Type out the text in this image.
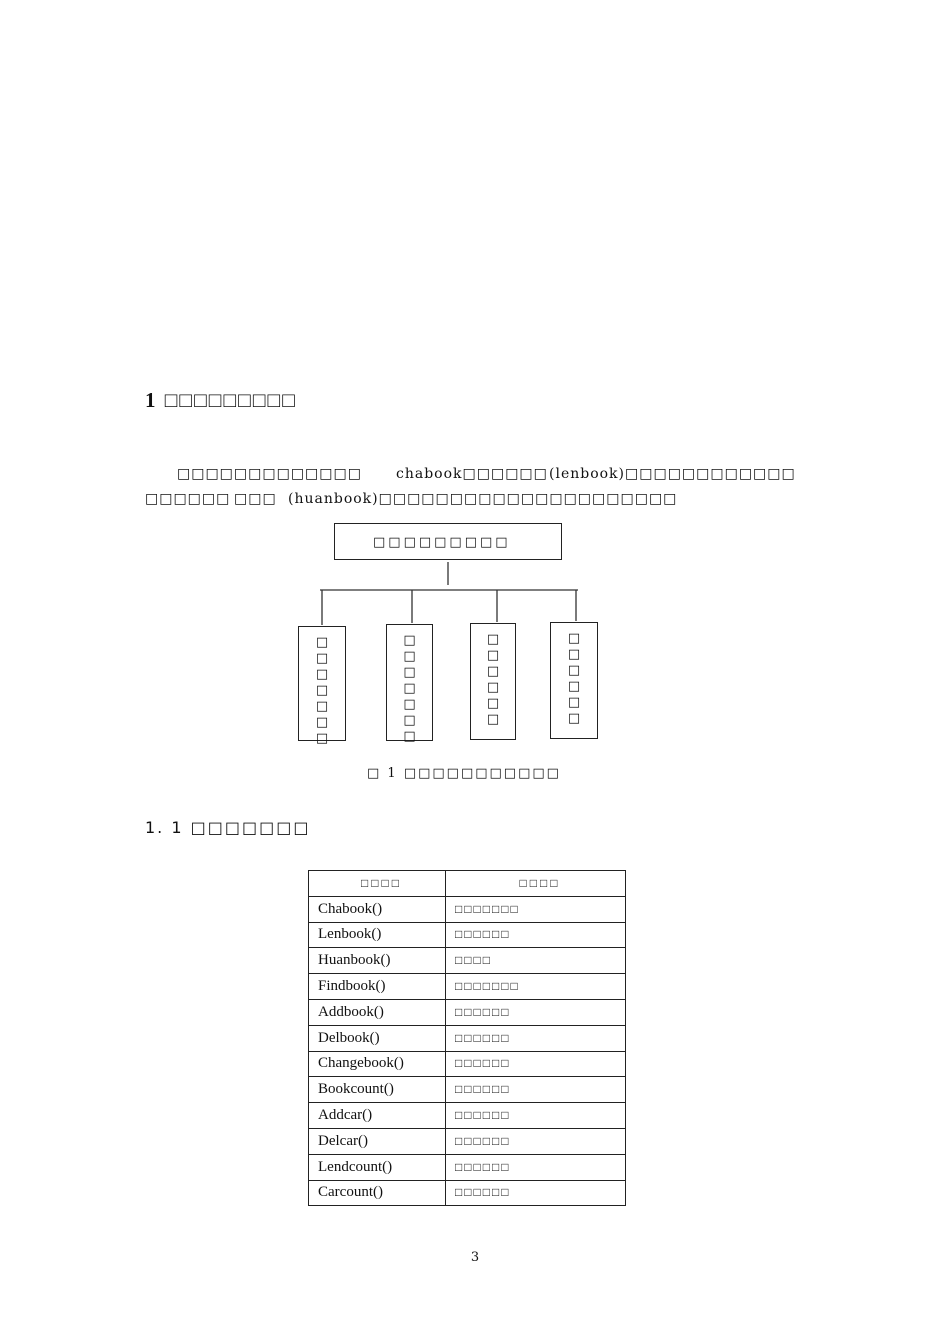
1 □□□□□□□□□
□□□□□□□□□□□□□ chabook□□□□□□ (lenbook)□□□□□□□□□□□□
□□□□□□ □□□ (huanbook)□□□□□□□□□□□□□□□□□□□□□
□□□□□□□□□
□
□
□
□
□
□
□
□
□
□
□
□
□
□
□
□
□
□
□
□
□
□
□
□
□
□
□ 1 □□□□□□□□□□□
1. 1 □□□□□□□
□□□□	□□□□
Chabook()	□□□□□□□
Lenbook()	□□□□□□
Huanbook()	□□□□
Findbook()	□□□□□□□
Addbook()	□□□□□□
Delbook()	□□□□□□
Changebook()	□□□□□□
Bookcount()	□□□□□□
Addcar()	□□□□□□
Delcar()	□□□□□□
Lendcount()	□□□□□□
Carcount()	□□□□□□
3
